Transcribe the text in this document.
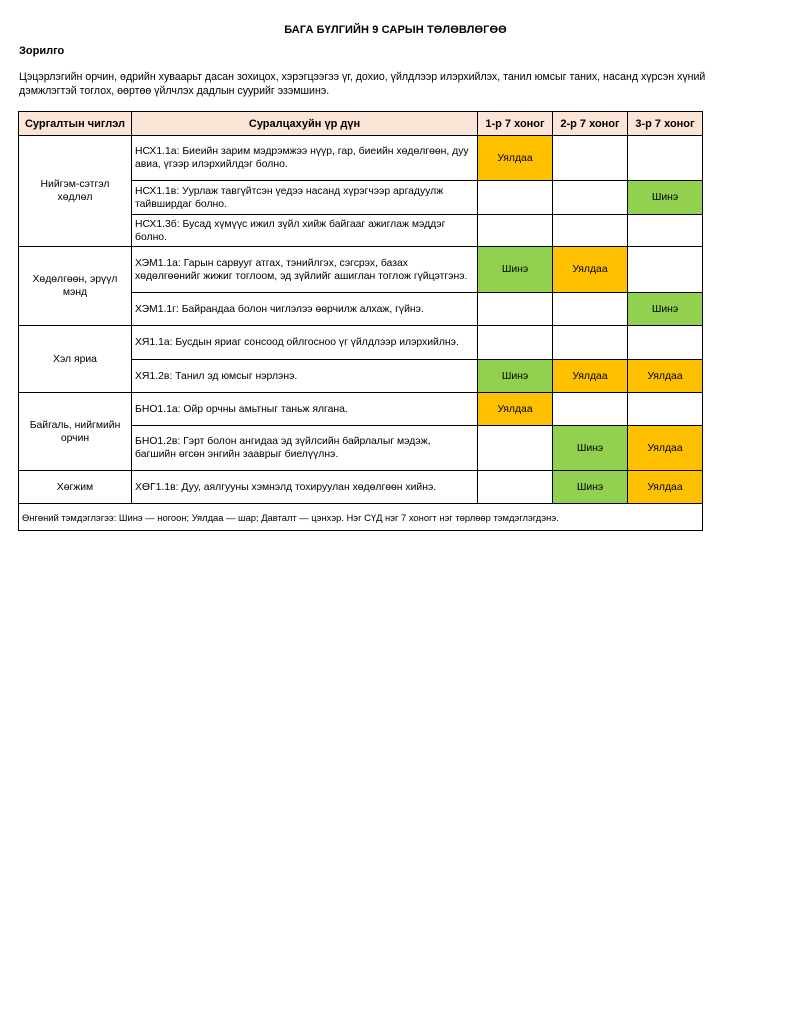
БАГА БҮЛГИЙН 9 САРЫН ТӨЛӨВЛӨГӨӨ
Зорилго
Цэцэрлэгийн орчин, өдрийн хуваарьт дасан зохицох, хэрэгцээгээ үг, дохио, үйлдлээр илэрхийлэх, танил юмсыг таних, насанд хүрсэн хүний дэмжлэгтэй тоглох, өөртөө үйлчлэх дадлын суурийг эзэмшинэ.
Сургалтын чиглэл	Суралцахуйн үр дүн	1-р 7 хоног	2-р 7 хоног	3-р 7 хоног
Нийгэм-сэтгэл хөдлөл	НСХ1.1а: Биеийн зарим мэдрэмжээ нүүр, гар, биеийн хөдөлгөөн, дуу авиа, үгээр илэрхийлдэг болно.	Уялдаа		
	НСХ1.1в: Уурлаж тавгүйтсэн үедээ насанд хүрэгчээр аргадуулж тайвширдаг болно.			Шинэ
	НСХ1.3б: Бусад хүмүүс ижил зүйл хийж байгааг ажиглаж мэддэг болно.			
Хөдөлгөөн, эрүүл мэнд	ХЭМ1.1а: Гарын сарвууг атгах, тэнийлгэх, сэгсрэх, базах хөдөлгөөнийг жижиг тоглоом, эд зүйлийг ашиглан тоглож гүйцэтгэнэ.	Шинэ	Уялдаа	
	ХЭМ1.1г: Байрандаа болон чиглэлээ өөрчилж алхаж, гүйнэ.			Шинэ
Хэл яриа	ХЯ1.1а: Бусдын яриаг сонсоод ойлгосноо үг үйлдлээр илэрхийлнэ.			
	ХЯ1.2в: Танил эд юмсыг нэрлэнэ.	Шинэ	Уялдаа	Уялдаа
Байгаль, нийгмийн орчин	БНО1.1а: Ойр орчны амьтныг таньж ялгана.	Уялдаа		
	БНО1.2в: Гэрт болон ангидаа эд зүйлсийн байрлалыг мэдэж, багшийн өгсөн энгийн зааврыг биелүүлнэ.		Шинэ	Уялдаа
Хөгжим	ХӨГ1.1в: Дуу, аялгууны хэмнэлд тохируулан хөдөлгөөн хийнэ.		Шинэ	Уялдаа
Өнгөний тэмдэглэгээ: Шинэ — ногоон; Уялдаа — шар; Давталт — цэнхэр. Нэг СҮД нэг 7 хоногт нэг төрлөөр тэмдэглэгдэнэ.				
